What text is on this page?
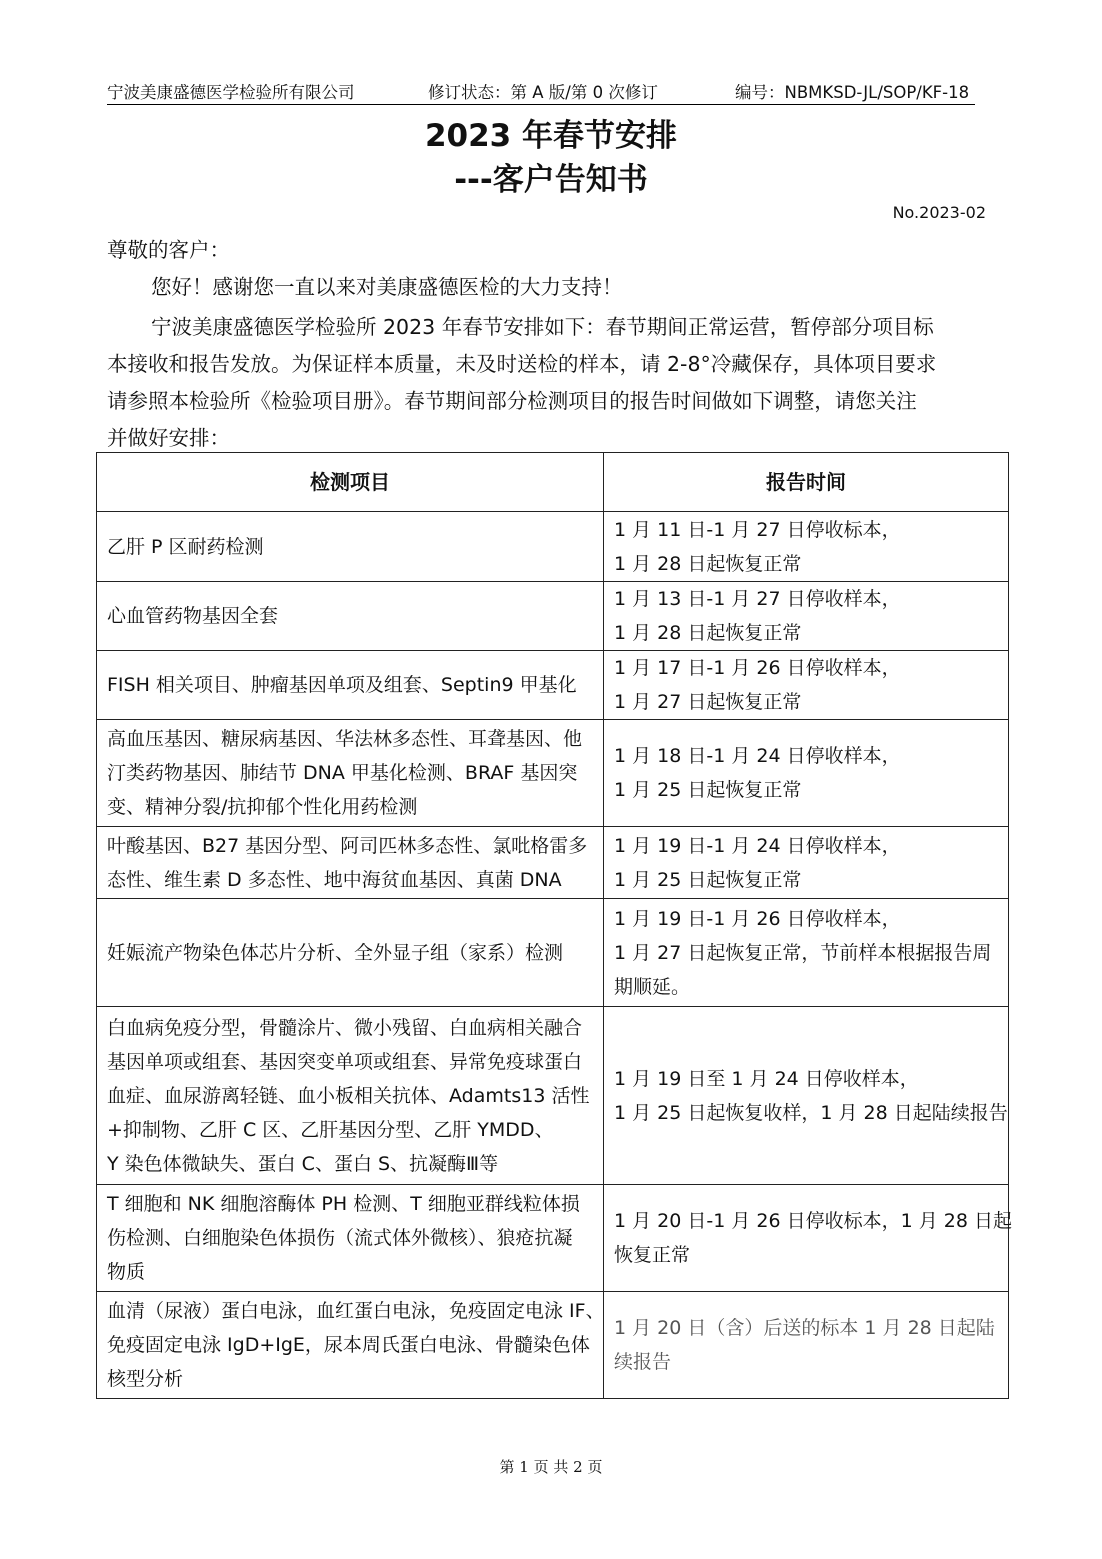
宁波美康盛德医学检验所有限公司	修订状态：第 A 版/第 0 次修订	编号：NBMKSD-JL/SOP/KF-18
2023 年春节安排
---客户告知书
No.2023-02
尊敬的客户：
您好！感谢您一直以来对美康盛德医检的大力支持！
宁波美康盛德医学检验所 2023 年春节安排如下：春节期间正常运营，暂停部分项目标
本接收和报告发放。为保证样本质量，未及时送检的样本，请 2-8°冷藏保存，具体项目要求
请参照本检验所《检验项目册》。春节期间部分检测项目的报告时间做如下调整，请您关注
并做好安排：
检测项目	报告时间

乙肝 P 区耐药检测	1 月 11 日-1 月 27 日停收标本，
1 月 28 日起恢复正常

心血管药物基因全套	1 月 13 日-1 月 27 日停收样本，
1 月 28 日起恢复正常

FISH 相关项目、肿瘤基因单项及组套、Septin9 甲基化	1 月 17 日-1 月 26 日停收样本，
1 月 27 日起恢复正常

高血压基因、糖尿病基因、华法林多态性、耳聋基因、他
汀类药物基因、肺结节 DNA 甲基化检测、BRAF 基因突
变、精神分裂/抗抑郁个性化用药检测	1 月 18 日-1 月 24 日停收样本，
1 月 25 日起恢复正常

叶酸基因、B27 基因分型、阿司匹林多态性、氯吡格雷多
态性、维生素 D 多态性、地中海贫血基因、真菌 DNA	1 月 19 日-1 月 24 日停收样本，
1 月 25 日起恢复正常

妊娠流产物染色体芯片分析、全外显子组（家系）检测	1 月 19 日-1 月 26 日停收样本，
1 月 27 日起恢复正常，节前样本根据报告周
期顺延。

白血病免疫分型，骨髓涂片、微小残留、白血病相关融合
基因单项或组套、基因突变单项或组套、异常免疫球蛋白
血症、血尿游离轻链、血小板相关抗体、Adamts13 活性
+抑制物、乙肝 C 区、乙肝基因分型、乙肝 YMDD、
Y 染色体微缺失、蛋白 C、蛋白 S、抗凝酶Ⅲ等	1 月 19 日至 1 月 24 日停收样本，
1 月 25 日起恢复收样，1 月 28 日起陆续报告

T 细胞和 NK 细胞溶酶体 PH 检测、T 细胞亚群线粒体损
伤检测、白细胞染色体损伤（流式体外微核）、狼疮抗凝
物质	1 月 20 日-1 月 26 日停收标本，1 月 28 日起
恢复正常

血清（尿液）蛋白电泳，血红蛋白电泳，免疫固定电泳 IF、
免疫固定电泳 IgD+IgE，尿本周氏蛋白电泳、骨髓染色体
核型分析	1 月 20 日（含）后送的标本 1 月 28 日起陆
续报告
第 1 页 共 2 页
